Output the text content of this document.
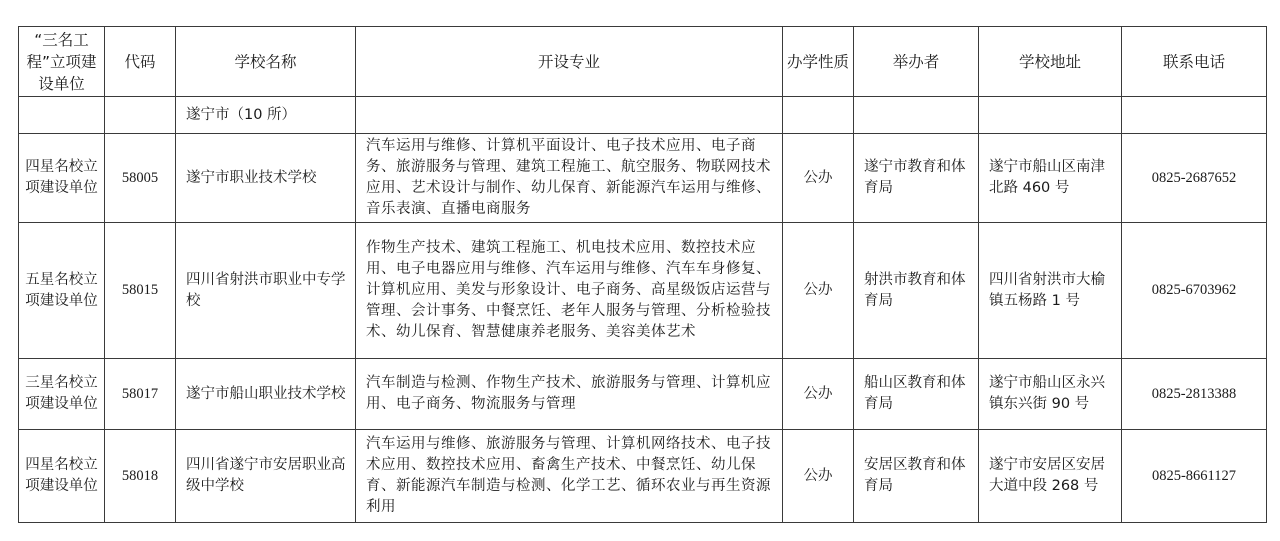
“三名工程”立项建设单位	代码	学校名称	开设专业	办学性质	举办者	学校地址	联系电话
		遂宁市（10 所）					
四星名校立项建设单位	58005	遂宁市职业技术学校	汽车运用与维修、计算机平面设计、电子技术应用、电子商务、旅游服务与管理、建筑工程施工、航空服务、物联网技术应用、艺术设计与制作、幼儿保育、新能源汽车运用与维修、音乐表演、直播电商服务	公办	遂宁市教育和体育局	遂宁市船山区南津北路 460 号	0825-2687652
五星名校立项建设单位	58015	四川省射洪市职业中专学校	作物生产技术、建筑工程施工、机电技术应用、数控技术应用、电子电器应用与维修、汽车运用与维修、汽车车身修复、计算机应用、美发与形象设计、电子商务、高星级饭店运营与管理、会计事务、中餐烹饪、老年人服务与管理、分析检验技术、幼儿保育、智慧健康养老服务、美容美体艺术	公办	射洪市教育和体育局	四川省射洪市大榆镇五杨路 1 号	0825-6703962
三星名校立项建设单位	58017	遂宁市船山职业技术学校	汽车制造与检测、作物生产技术、旅游服务与管理、计算机应用、电子商务、物流服务与管理	公办	船山区教育和体育局	遂宁市船山区永兴镇东兴街 90 号	0825-2813388
四星名校立项建设单位	58018	四川省遂宁市安居职业高级中学校	汽车运用与维修、旅游服务与管理、计算机网络技术、电子技术应用、数控技术应用、畜禽生产技术、中餐烹饪、幼儿保育、新能源汽车制造与检测、化学工艺、循环农业与再生资源利用	公办	安居区教育和体育局	遂宁市安居区安居大道中段 268 号	0825-8661127
